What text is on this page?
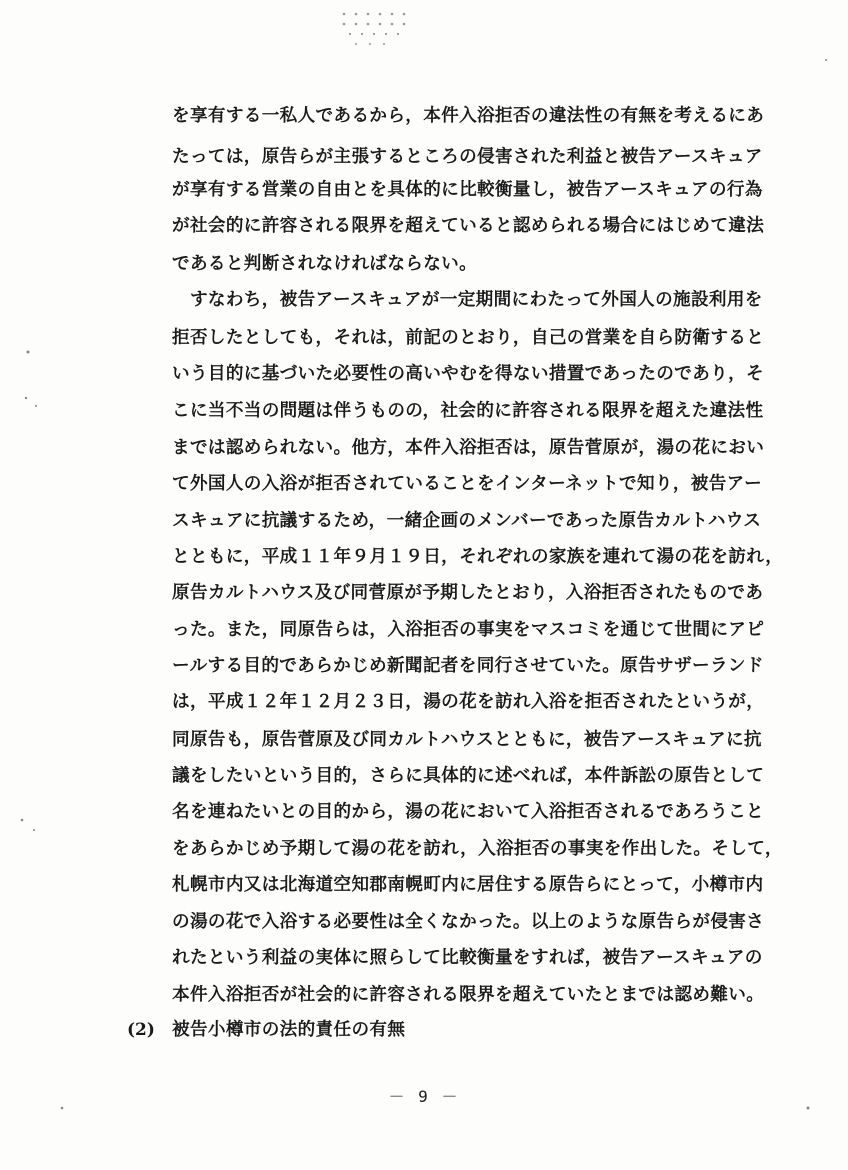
を享有する一私人であるから，本件入浴拒否の違法性の有無を考えるにあ
たっては，原告らが主張するところの侵害された利益と被告アースキュア
が享有する営業の自由とを具体的に比較衡量し，被告アースキュアの行為
が社会的に許容される限界を超えていると認められる場合にはじめて違法
であると判断されなければならない。
　すなわち，被告アースキュアが一定期間にわたって外国人の施設利用を
拒否したとしても，それは，前記のとおり，自己の営業を自ら防衛すると
いう目的に基づいた必要性の高いやむを得ない措置であったのであり，そ
こに当不当の問題は伴うものの，社会的に許容される限界を超えた違法性
までは認められない。他方，本件入浴拒否は，原告菅原が，湯の花におい
て外国人の入浴が拒否されていることをインターネットで知り，被告アー
スキュアに抗議するため，一緒企画のメンバーであった原告カルトハウス
とともに，平成１１年９月１９日，それぞれの家族を連れて湯の花を訪れ，
原告カルトハウス及び同菅原が予期したとおり，入浴拒否されたものであ
った。また，同原告らは，入浴拒否の事実をマスコミを通じて世間にアピ
ールする目的であらかじめ新聞記者を同行させていた。原告サザーランド
は，平成１２年１２月２３日，湯の花を訪れ入浴を拒否されたというが，
同原告も，原告菅原及び同カルトハウスとともに，被告アースキュアに抗
議をしたいという目的，さらに具体的に述べれば，本件訴訟の原告として
名を連ねたいとの目的から，湯の花において入浴拒否されるであろうこと
をあらかじめ予期して湯の花を訪れ，入浴拒否の事実を作出した。そして，
札幌市内又は北海道空知郡南幌町内に居住する原告らにとって，小樽市内
の湯の花で入浴する必要性は全くなかった。以上のような原告らが侵害さ
れたという利益の実体に照らして比較衡量をすれば，被告アースキュアの
本件入浴拒否が社会的に許容される限界を超えていたとまでは認め難い。
(2) 被告小樽市の法的責任の有無
－ 9 －
